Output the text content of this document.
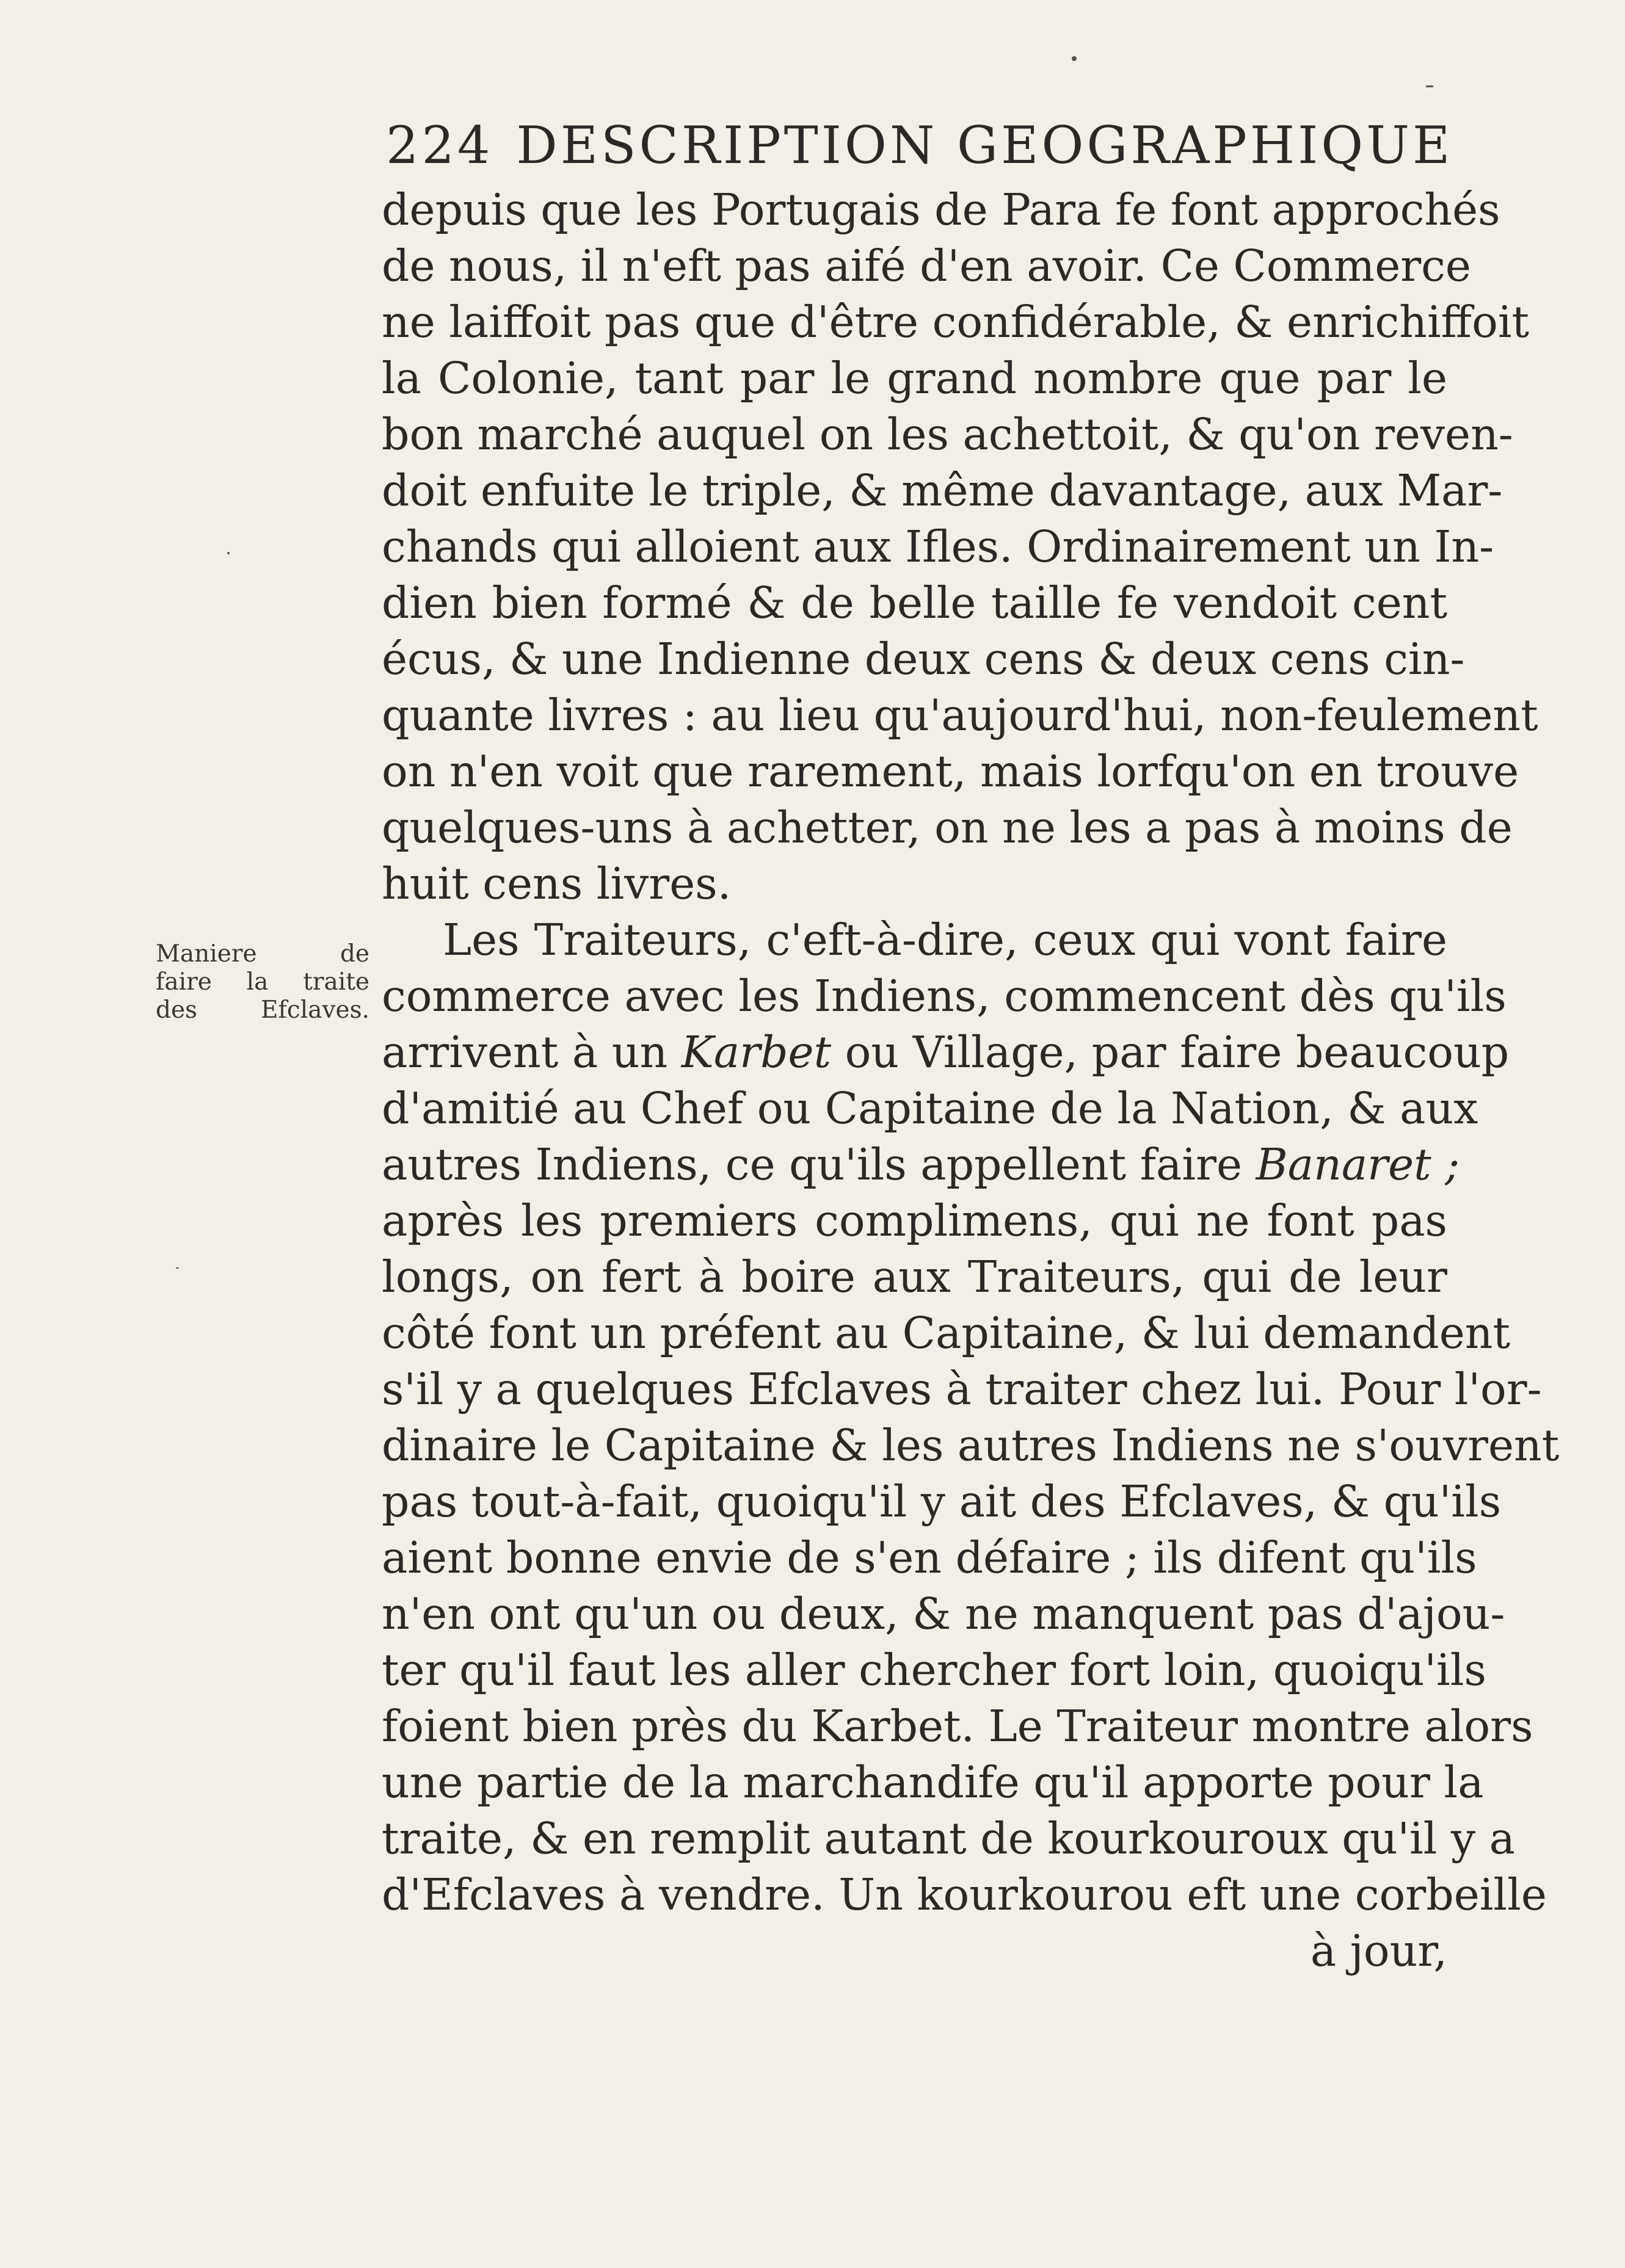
224 DESCRIPTION GEOGRAPHIQUE
Maniere de
faire la traite
des Efclaves.
depuis que les Portugais de Para fe font approchés
de nous, il n'eft pas aifé d'en avoir. Ce Commerce
ne laiffoit pas que d'être confidérable, & enrichiffoit
la Colonie, tant par le grand nombre que par le
bon marché auquel on les achettoit, & qu'on reven-
doit enfuite le triple, & même davantage, aux Mar-
chands qui alloient aux Ifles. Ordinairement un In-
dien bien formé & de belle taille fe vendoit cent
écus, & une Indienne deux cens & deux cens cin-
quante livres : au lieu qu'aujourd'hui, non-feulement
on n'en voit que rarement, mais lorfqu'on en trouve
quelques-uns à achetter, on ne les a pas à moins de
huit cens livres.
Les Traiteurs, c'eft-à-dire, ceux qui vont faire
commerce avec les Indiens, commencent dès qu'ils
arrivent à un Karbet ou Village, par faire beaucoup
d'amitié au Chef ou Capitaine de la Nation, & aux
autres Indiens, ce qu'ils appellent faire Banaret ;
après les premiers complimens, qui ne font pas
longs, on fert à boire aux Traiteurs, qui de leur
côté font un préfent au Capitaine, & lui demandent
s'il y a quelques Efclaves à traiter chez lui. Pour l'or-
dinaire le Capitaine & les autres Indiens ne s'ouvrent
pas tout-à-fait, quoiqu'il y ait des Efclaves, & qu'ils
aient bonne envie de s'en défaire ; ils difent qu'ils
n'en ont qu'un ou deux, & ne manquent pas d'ajou-
ter qu'il faut les aller chercher fort loin, quoiqu'ils
foient bien près du Karbet. Le Traiteur montre alors
une partie de la marchandife qu'il apporte pour la
traite, & en remplit autant de kourkouroux qu'il y a
d'Efclaves à vendre. Un kourkourou eft une corbeille
à jour,
